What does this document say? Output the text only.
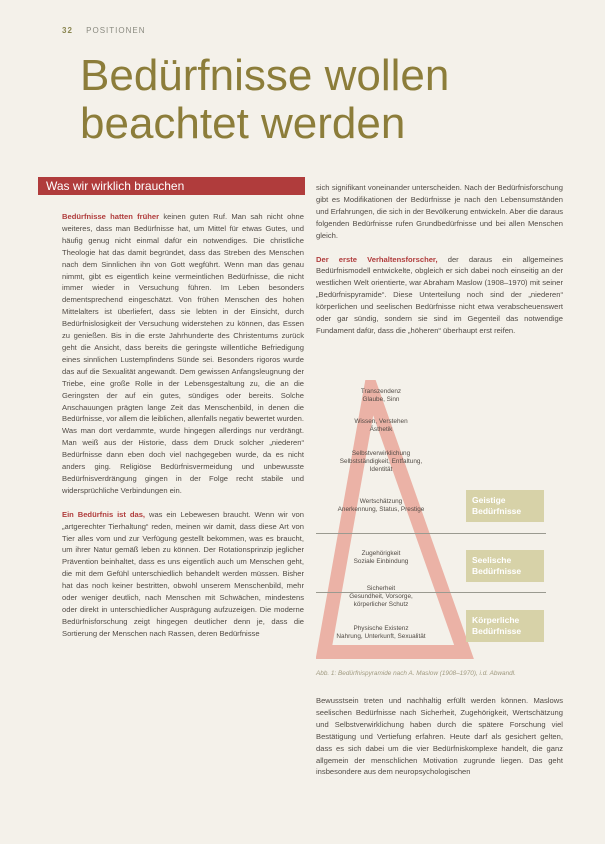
32 POSITIONEN
Bedürfnisse wollen beachtet werden
Was wir wirklich brauchen

Bedürfnisse hatten früher keinen guten Ruf. Man sah nicht ohne weiteres, dass man Bedürfnisse hat, um Mittel für etwas Gutes, und häufig genug nicht einmal dafür ein notwendiges. Die christliche Theologie hat das damit begründet, dass das Streben des Menschen nach dem Sinnlichen ihn von Gott wegführt. Wenn man das genau nimmt, gibt es eigentlich keine vermeintlichen Bedürfnisse, die nicht immer wieder in Versuchung führen. Im Leben besonders dementsprechend eingeschätzt. Von frühen Menschen des hohen Mittelalters ist überliefert, dass sie lebten in der Einsicht, durch Bedürfnislosigkeit der Versuchung widerstehen zu können, das Essen zu genießen. Bis in die erste Jahrhunderte des Christentums zurück geht die Ansicht, dass bereits die geringste willentliche Befriedigung eines sinnlichen Lustempfindens Sünde sei. Besonders rigoros wurde das auf die Sexualität angewandt. Dem gewissen Anfangsleugnung der Triebe, eine große Rolle in der Lebensgestaltung zu, die an die Geringsten der auf ein gutes, sündiges oder bereits. Solche Anschauungen prägten lange Zeit das Menschenbild, in denen die Bedürfnisse, vor allem die leiblichen, allenfalls negativ bewertet wurden. Was man dort verdammte, wurde hingegen allerdings nur verdrängt. Man weiß aus der Historie, dass dem Druck solcher „niederen“ Bedürfnisse dann eben doch viel nachgegeben wurde, da es nicht anders ging. Religiöse Bedürfnisvermeidung und unbewusste Bedürfnisverdrängung gingen in der Folge recht stabile und widersprüchliche Verbindungen ein.

Ein Bedürfnis ist das, was ein Lebewesen braucht. Wenn wir von „artgerechter Tierhaltung“ reden, meinen wir damit, dass diese Art von Tier alles vom und zur Verfügung gestellt bekommen, was es braucht, um ihrer Natur gemäß leben zu können. Der Rotationsprinzip jeglicher Prävention beinhaltet, dass es uns eigentlich auch um Menschen geht, die mit dem Gefühl unterschiedlich behandelt werden müssen. Bisher hat das noch keiner bestritten, obwohl unserem Menschenbild, mehr oder weniger deutlich, nach Menschen mit Schwächen, mindestens oder direkt in unterschiedlicher Ausprägung aufzuzeigen. Die moderne Bedürfnisforschung zeigt hingegen deutlicher denn je, dass die Sortierung der Menschen nach Rassen, deren Bedürfnisse

sich signifikant voneinander unterscheiden. Nach der Bedürfnisforschung gibt es Modifikationen der Bedürfnisse je nach den Lebensumständen und Erfahrungen, die sich in der Bevölkerung entwickeln. Aber die daraus folgenden Bedürfnisse rufen Grundbedürfnisse und bei allen Menschen gleich.

Der erste Verhaltensforscher, der daraus ein allgemeines Bedürfnismodell entwickelte, obgleich er sich dabei noch einseitig an der westlichen Welt orientierte, war Abraham Maslow (1908–1970) mit seiner „Bedürfnispyramide“. Diese Unterteilung noch sind der „niederen“ körperlichen und seelischen Bedürfnisse nicht etwa verabscheuenswert oder gar sündig, sondern sie sind im Gegenteil das notwendige Fundament dafür, dass die „höheren“ überhaupt erst reifen.

Transzendenz
Glaube, Sinn
Wissen, Verstehen
Ästhetik
Selbstverwirklichung
Selbstständigkeit, Entfaltung,
Identität
Wertschätzung
Anerkennung, Status, Prestige
Zugehörigkeit
Soziale Einbindung
Sicherheit
Gesundheit, Vorsorge,
körperlicher Schutz
Physische Existenz
Nahrung, Unterkunft, Sexualität
Geistige Bedürfnisse
Seelische Bedürfnisse
Körperliche Bedürfnisse
Abb. 1: Bedürfnispyramide nach A. Maslow (1908–1970), i.d. Abwandl.

Bewusstsein treten und nachhaltig erfüllt werden können. Maslows seelischen Bedürfnisse nach Sicherheit, Zugehörigkeit, Wertschätzung und Selbstverwirklichung haben durch die spätere Forschung viel Bestätigung und Vertiefung erfahren. Heute darf als gesichert gelten, dass es sich dabei um die vier Bedürfniskomplexe handelt, die ganz allgemein der menschlichen Motivation zugrunde liegen. Das geht insbesondere aus dem neuropsychologischen
